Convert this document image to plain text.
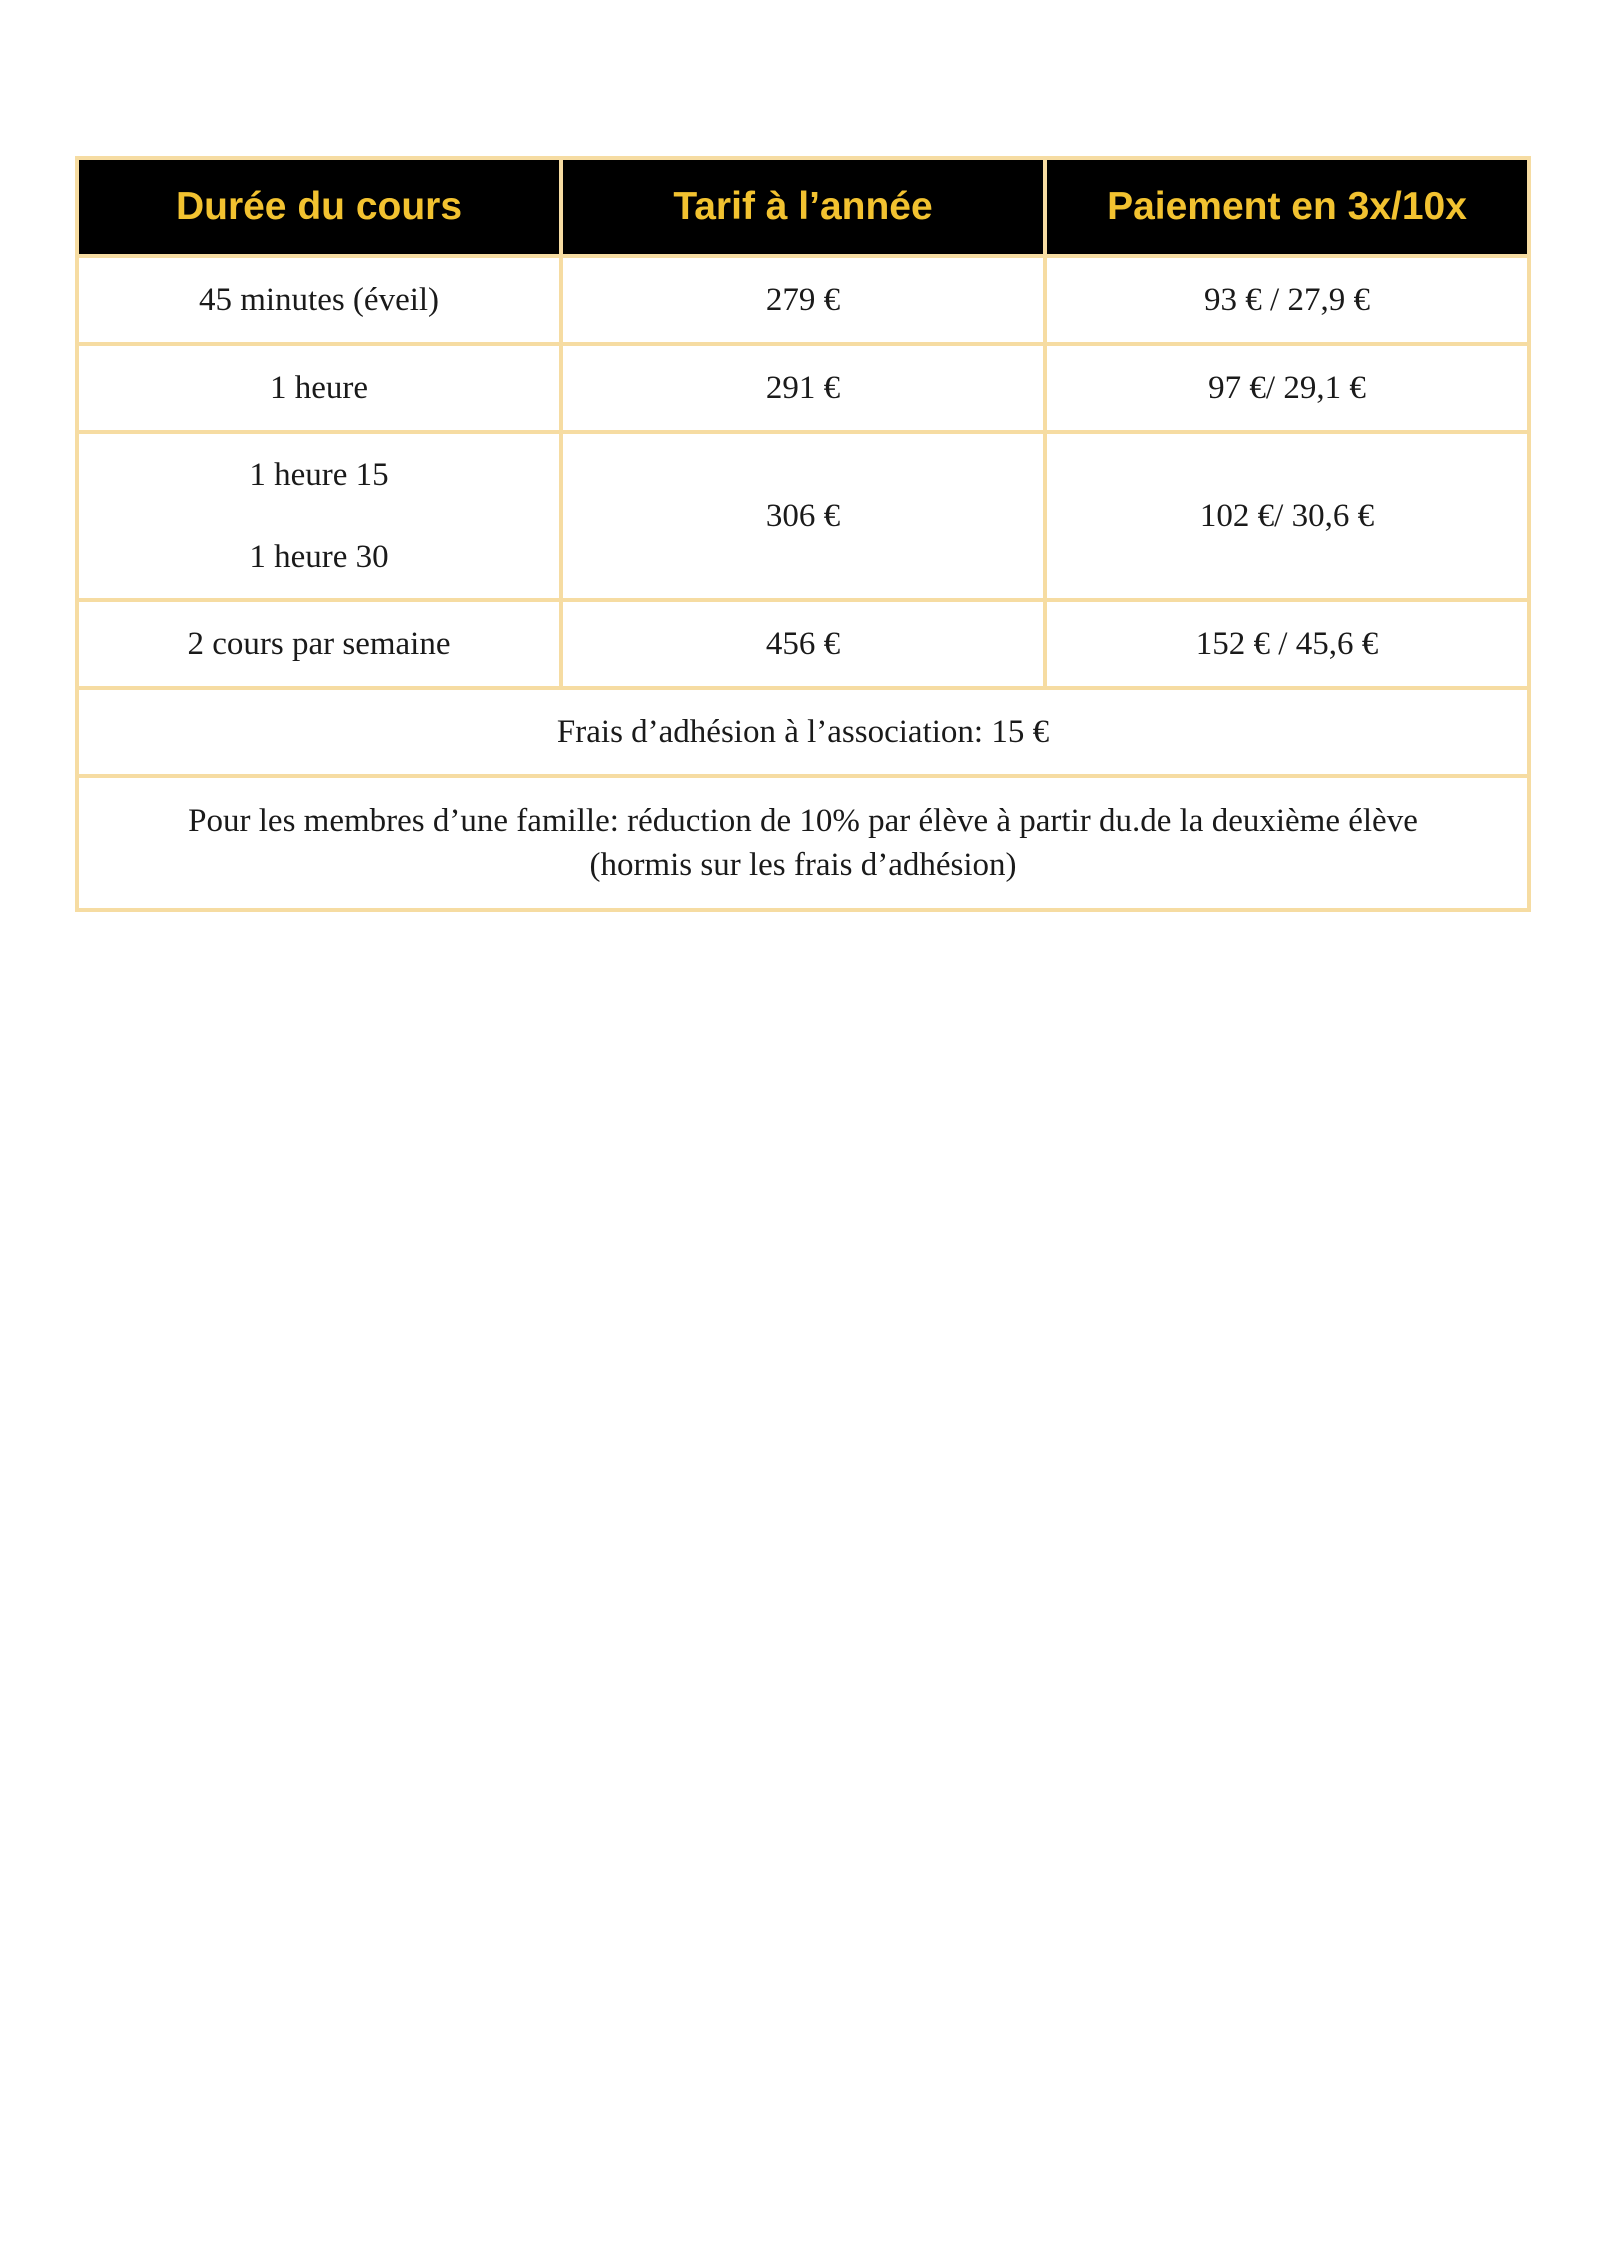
Durée du cours	Tarif à l’année	Paiement en 3x/10x
45 minutes (éveil)	279 €	93 € / 27,9 €
1 heure	291 €	97 €/ 29,1 €

1 heure 15
1 heure 30	306 €	102 €/ 30,6 €
2 cours par semaine	456 €	152 € / 45,6 €
Frais d’adhésion à l’association: 15 €		
Pour les membres d’une famille: réduction de 10% par élève à partir du.de la deuxième élève
(hormis sur les frais d’adhésion)		
